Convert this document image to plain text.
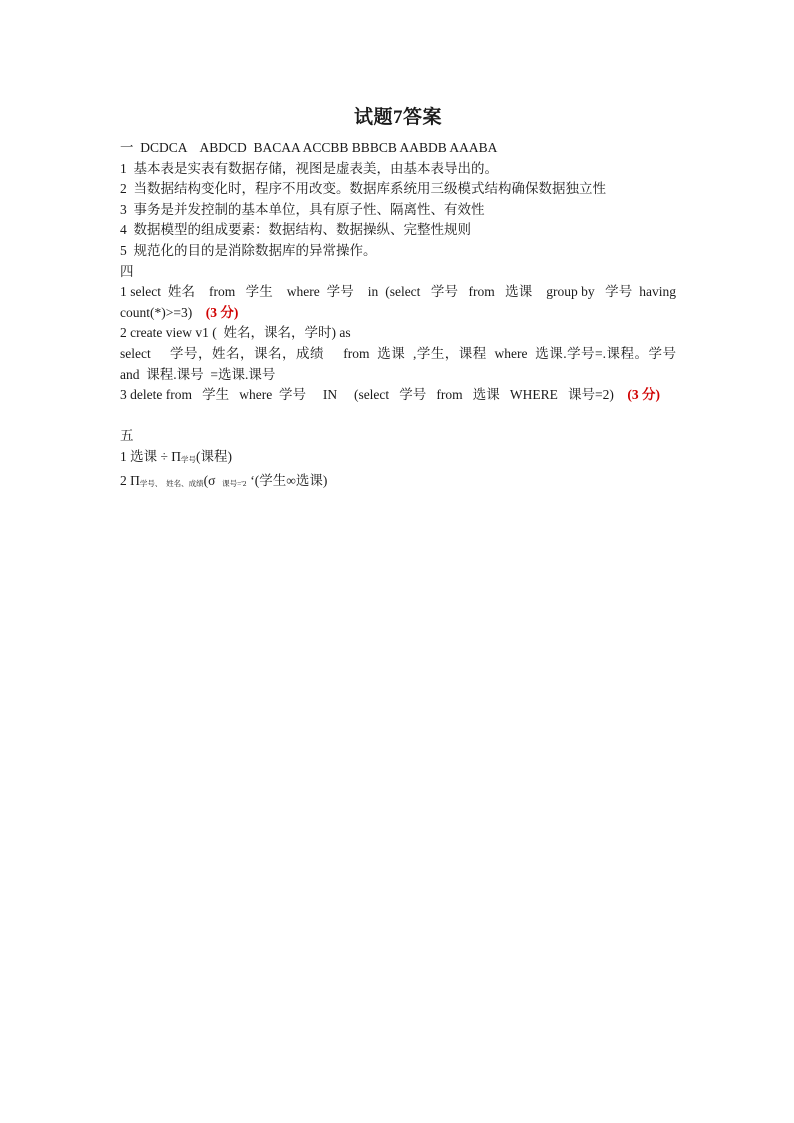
试题7答案

一 DCDCA    ABDCD  BACAA ACCBB BBBCB AABDB AAABA

1  基本表是实表有数据存储，视图是虚表美，由基本表导出的。

2  当数据结构变化时，程序不用改变。数据库系统用三级模式结构确保数据独立性

3  事务是并发控制的基本单位，具有原子性、隔离性、有效性

4  数据模型的组成要素：数据结构、数据操纵、完整性规则

5  规范化的目的是消除数据库的异常操作。

四

1 select  姓名    from   学生    where  学号    in  (select   学号   from   选课    group by   学号  having

count(*)>=3)    (3 分)

2 create view v1 (  姓名，课名，学时) as

select     学号，姓名，课名，成绩     from  选课  ,学生，课程  where  选课.学号=.课程。学号

and  课程.课号  =选课.课号

3 delete from   学生   where  学号     IN     (select   学号   from   选课   WHERE   课号=2)    (3 分)

五

1 选课 ÷ Π学号(课程)

2 Π学号、  姓名、成绩(σ  课号='2  ‘(学生∞选课)
